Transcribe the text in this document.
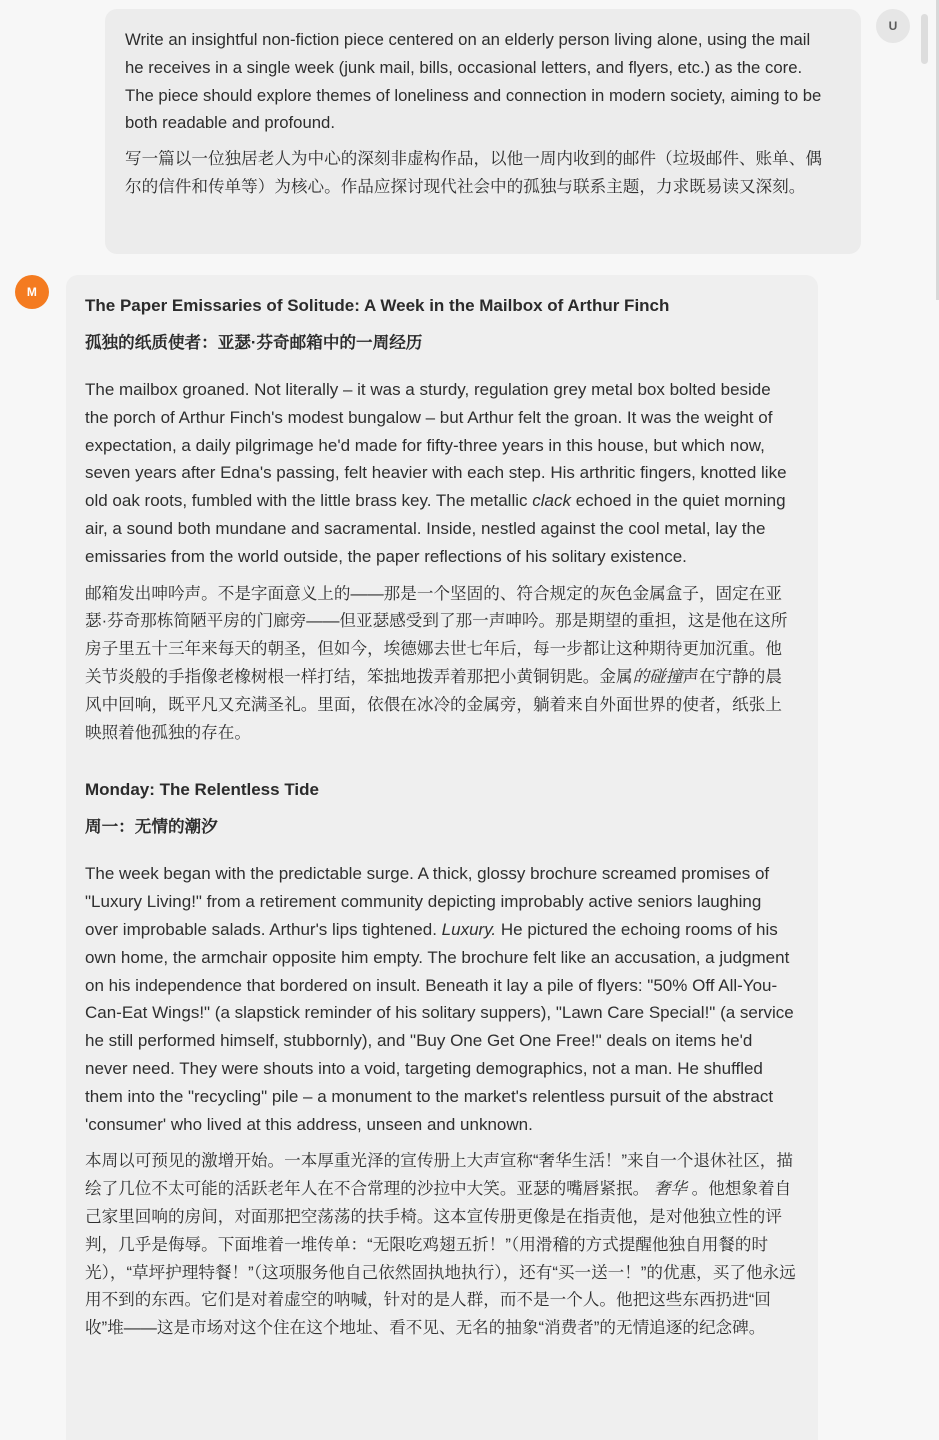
Write an insightful non-fiction piece centered on an elderly person living alone, using the mail he receives in a single week (junk mail, bills, occasional letters, and flyers, etc.) as the core. The piece should explore themes of loneliness and connection in modern society, aiming to be both readable and profound.

写一篇以一位独居老人为中心的深刻非虚构作品，以他一周内收到的邮件（垃圾邮件、账单、偶尔的信件和传单等）为核心。作品应探讨现代社会中的孤独与联系主题，力求既易读又深刻。

U
M
The Paper Emissaries of Solitude: A Week in the Mailbox of Arthur Finch
孤独的纸质使者：亚瑟·芬奇邮箱中的一周经历

The mailbox groaned. Not literally – it was a sturdy, regulation grey metal box bolted beside the porch of Arthur Finch's modest bungalow – but Arthur felt the groan. It was the weight of expectation, a daily pilgrimage he'd made for fifty-three years in this house, but which now, seven years after Edna's passing, felt heavier with each step. His arthritic fingers, knotted like old oak roots, fumbled with the little brass key. The metallic clack echoed in the quiet morning air, a sound both mundane and sacramental. Inside, nestled against the cool metal, lay the emissaries from the world outside, the paper reflections of his solitary existence.

邮箱发出呻吟声。不是字面意义上的——那是一个坚固的、符合规定的灰色金属盒子，固定在亚瑟·芬奇那栋简陋平房的门廊旁——但亚瑟感受到了那一声呻吟。那是期望的重担，这是他在这所房子里五十三年来每天的朝圣，但如今，埃德娜去世七年后，每一步都让这种期待更加沉重。他关节炎般的手指像老橡树根一样打结，笨拙地拨弄着那把小黄铜钥匙。金属的碰撞声在宁静的晨风中回响，既平凡又充满圣礼。里面，依偎在冰冷的金属旁，躺着来自外面世界的使者，纸张上映照着他孤独的存在。

Monday: The Relentless Tide
周一：无情的潮汐

The week began with the predictable surge. A thick, glossy brochure screamed promises of "Luxury Living!" from a retirement community depicting improbably active seniors laughing over improbable salads. Arthur's lips tightened. Luxury. He pictured the echoing rooms of his own home, the armchair opposite him empty. The brochure felt like an accusation, a judgment on his independence that bordered on insult. Beneath it lay a pile of flyers: "50% Off All-You-Can-Eat Wings!" (a slapstick reminder of his solitary suppers), "Lawn Care Special!" (a service he still performed himself, stubbornly), and "Buy One Get One Free!" deals on items he'd never need. They were shouts into a void, targeting demographics, not a man. He shuffled them into the "recycling" pile – a monument to the market's relentless pursuit of the abstract 'consumer' who lived at this address, unseen and unknown.

本周以可预见的激增开始。一本厚重光泽的宣传册上大声宣称“奢华生活！”来自一个退休社区，描绘了几位不太可能的活跃老年人在不合常理的沙拉中大笑。亚瑟的嘴唇紧抿。 奢华 。他想象着自己家里回响的房间，对面那把空荡荡的扶手椅。这本宣传册更像是在指责他，是对他独立性的评判，几乎是侮辱。下面堆着一堆传单：“无限吃鸡翅五折！”（用滑稽的方式提醒他独自用餐的时光），“草坪护理特餐！”（这项服务他自己依然固执地执行），还有“买一送一！”的优惠，买了他永远用不到的东西。它们是对着虚空的呐喊，针对的是人群，而不是一个人。他把这些东西扔进“回收”堆——这是市场对这个住在这个地址、看不见、无名的抽象“消费者”的无情追逐的纪念碑。
